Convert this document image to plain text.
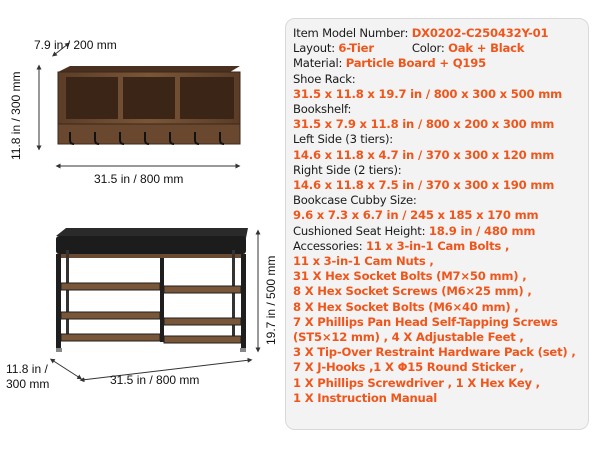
7.9 in / 200 mm
11.8 in / 300 mm
31.5 in / 800 mm
19.7 in / 500 mm
11.8 in /
300 mm	31.5 in / 800 mm
Item Model Number: DX0202-C250432Y-01
Layout: 6-Tier	Color: Oak + Black
Material: Particle Board + Q195
Shoe Rack:
31.5 x 11.8 x 19.7 in / 800 x 300 x 500 mm
Bookshelf:
31.5 x 7.9 x 11.8 in / 800 x 200 x 300 mm
Left Side (3 tiers):
14.6 x 11.8 x 4.7 in / 370 x 300 x 120 mm
Right Side (2 tiers):
14.6 x 11.8 x 7.5 in / 370 x 300 x 190 mm
Bookcase Cubby Size:
9.6 x 7.3 x 6.7 in / 245 x 185 x 170 mm
Cushioned Seat Height: 18.9 in / 480 mm
Accessories: 11 x 3-in-1 Cam Bolts ,
11 x 3-in-1 Cam Nuts ,
31 X Hex Socket Bolts (M7×50 mm) ,
8 X Hex Socket Screws (M6×25 mm) ,
8 X Hex Socket Bolts (M6×40 mm) ,
7 X Phillips Pan Head Self-Tapping Screws
(ST5×12 mm) , 4 X Adjustable Feet ,
3 X Tip-Over Restraint Hardware Pack (set) ,
7 X J-Hooks ,1 X Φ15 Round Sticker ,
1 X Phillips Screwdriver , 1 X Hex Key ,
1 X Instruction Manual
